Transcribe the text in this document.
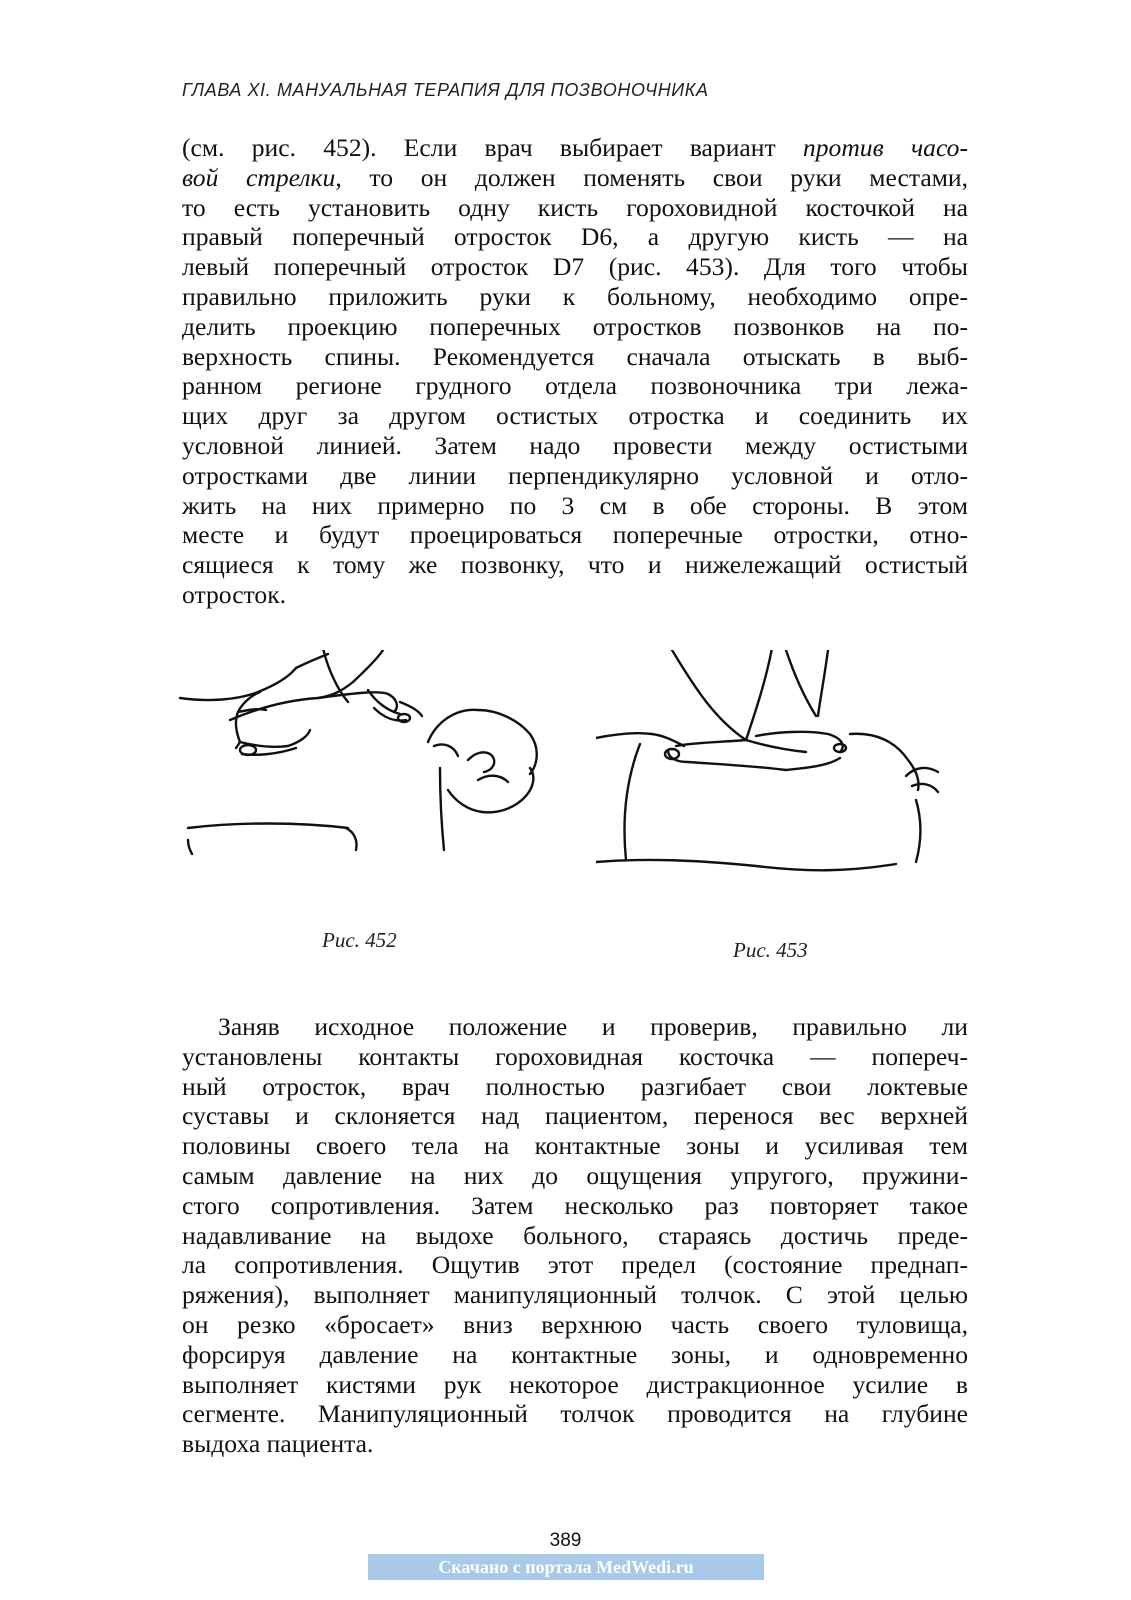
ГЛАВА XI. МАНУАЛЬНАЯ ТЕРАПИЯ ДЛЯ ПОЗВОНОЧНИКА
(см. рис. 452). Если врач выбирает вариант против часо-
вой стрелки, то он должен поменять свои руки местами,
то есть установить одну кисть гороховидной косточкой на
правый поперечный отросток D6, а другую кисть — на
левый поперечный отросток D7 (рис. 453). Для того чтобы
правильно приложить руки к больному, необходимо опре-
делить проекцию поперечных отростков позвонков на по-
верхность спины. Рекомендуется сначала отыскать в выб-
ранном регионе грудного отдела позвоночника три лежа-
щих друг за другом остистых отростка и соединить их
условной линией. Затем надо провести между остистыми
отростками две линии перпендикулярно условной и отло-
жить на них примерно по 3 см в обе стороны. В этом
месте и будут проецироваться поперечные отростки, отно-
сящиеся к тому же позвонку, что и нижележащий остистый
отросток.
Рис. 452	Рис. 453
Заняв исходное положение и проверив, правильно ли
установлены контакты гороховидная косточка — попереч-
ный отросток, врач полностью разгибает свои локтевые
суставы и склоняется над пациентом, перенося вес верхней
половины своего тела на контактные зоны и усиливая тем
самым давление на них до ощущения упругого, пружини-
стого сопротивления. Затем несколько раз повторяет такое
надавливание на выдохе больного, стараясь достичь преде-
ла сопротивления. Ощутив этот предел (состояние преднап-
ряжения), выполняет манипуляционный толчок. С этой целью
он резко «бросает» вниз верхнюю часть своего туловища,
форсируя давление на контактные зоны, и одновременно
выполняет кистями рук некоторое дистракционное усилие в
сегменте. Манипуляционный толчок проводится на глубине
выдоха пациента.
389
Скачано с портала MedWedi.ru
